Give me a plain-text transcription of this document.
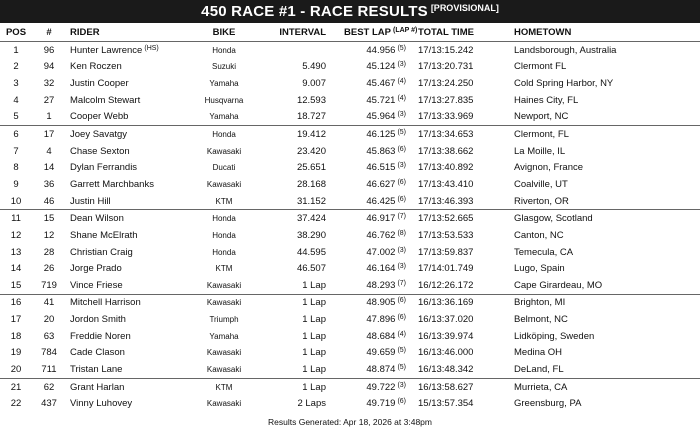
450 RACE #1 - RACE RESULTS [PROVISIONAL]
POS	#	RIDER	BIKE	INTERVAL	BEST LAP $^{(LAP \#)}$	TOTAL TIME	HOMETOWN
1	96	Hunter Lawrence $^{(HS)}$	Honda		44.956 $^{(5)}$	17/13:15.242	Landsborough, Australia
2	94	Ken Roczen	Suzuki	5.490	45.124 $^{(3)}$	17/13:20.731	Clermont FL
3	32	Justin Cooper	Yamaha	9.007	45.467 $^{(4)}$	17/13:24.250	Cold Spring Harbor, NY
4	27	Malcolm Stewart	Husqvarna	12.593	45.721 $^{(4)}$	17/13:27.835	Haines City, FL
5	1	Cooper Webb	Yamaha	18.727	45.964 $^{(3)}$	17/13:33.969	Newport, NC
6	17	Joey Savatgy	Honda	19.412	46.125 $^{(5)}$	17/13:34.653	Clermont, FL
7	4	Chase Sexton	Kawasaki	23.420	45.863 $^{(6)}$	17/13:38.662	La Moille, IL
8	14	Dylan Ferrandis	Ducati	25.651	46.515 $^{(3)}$	17/13:40.892	Avignon, France
9	36	Garrett Marchbanks	Kawasaki	28.168	46.627 $^{(6)}$	17/13:43.410	Coalville, UT
10	46	Justin Hill	KTM	31.152	46.425 $^{(6)}$	17/13:46.393	Riverton, OR
11	15	Dean Wilson	Honda	37.424	46.917 $^{(7)}$	17/13:52.665	Glasgow, Scotland
12	12	Shane McElrath	Honda	38.290	46.762 $^{(8)}$	17/13:53.533	Canton, NC
13	28	Christian Craig	Honda	44.595	47.002 $^{(3)}$	17/13:59.837	Temecula, CA
14	26	Jorge Prado	KTM	46.507	46.164 $^{(3)}$	17/14:01.749	Lugo, Spain
15	719	Vince Friese	Kawasaki	1 Lap	48.293 $^{(7)}$	16/12:26.172	Cape Girardeau, MO
16	41	Mitchell Harrison	Kawasaki	1 Lap	48.905 $^{(6)}$	16/13:36.169	Brighton, MI
17	20	Jordon Smith	Triumph	1 Lap	47.896 $^{(6)}$	16/13:37.020	Belmont, NC
18	63	Freddie Noren	Yamaha	1 Lap	48.684 $^{(4)}$	16/13:39.974	Lidköping, Sweden
19	784	Cade Clason	Kawasaki	1 Lap	49.659 $^{(5)}$	16/13:46.000	Medina OH
20	711	Tristan Lane	Kawasaki	1 Lap	48.874 $^{(5)}$	16/13:48.342	DeLand, FL
21	62	Grant Harlan	KTM	1 Lap	49.722 $^{(3)}$	16/13:58.627	Murrieta, CA
22	437	Vinny Luhovey	Kawasaki	2 Laps	49.719 $^{(6)}$	15/13:57.354	Greensburg, PA
Results Generated: Apr 18, 2026 at 3:48pm
